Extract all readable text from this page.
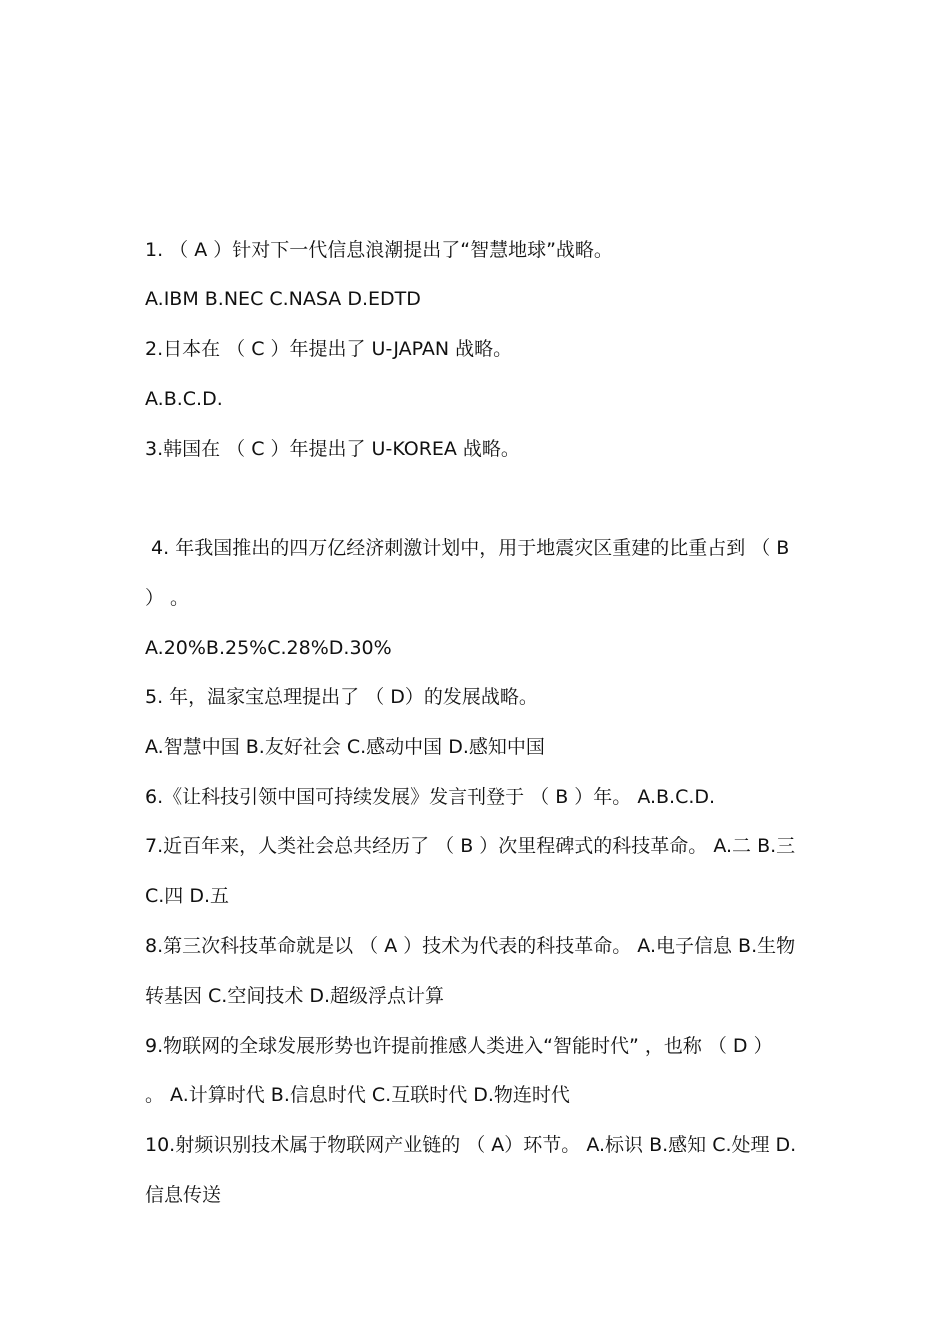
1. （ A ）针对下一代信息浪潮提出了“智慧地球”战略。
A.IBM B.NEC C.NASA D.EDTD
2.日本在 （ C ）年提出了 U-JAPAN 战略。
A.B.C.D.
3.韩国在 （ C ）年提出了 U-KOREA 战略。
4. 年我国推出的四万亿经济刺激计划中，用于地震灾区重建的比重占到 （ B
） 。
A.20%B.25%C.28%D.30%
5. 年，温家宝总理提出了 （ D）的发展战略。
A.智慧中国 B.友好社会 C.感动中国 D.感知中国
6.《让科技引领中国可持续发展》发言刊登于 （ B ）年。 A.B.C.D.
7.近百年来，人类社会总共经历了 （ B ）次里程碑式的科技革命。 A.二 B.三
C.四 D.五
8.第三次科技革命就是以 （ A ）技术为代表的科技革命。 A.电子信息 B.生物
转基因 C.空间技术 D.超级浮点计算
9.物联网的全球发展形势也许提前推感人类进入“智能时代” ，也称 （ D ）
。 A.计算时代 B.信息时代 C.互联时代 D.物连时代
10.射频识别技术属于物联网产业链的 （ A）环节。 A.标识 B.感知 C.处理 D.
信息传送
